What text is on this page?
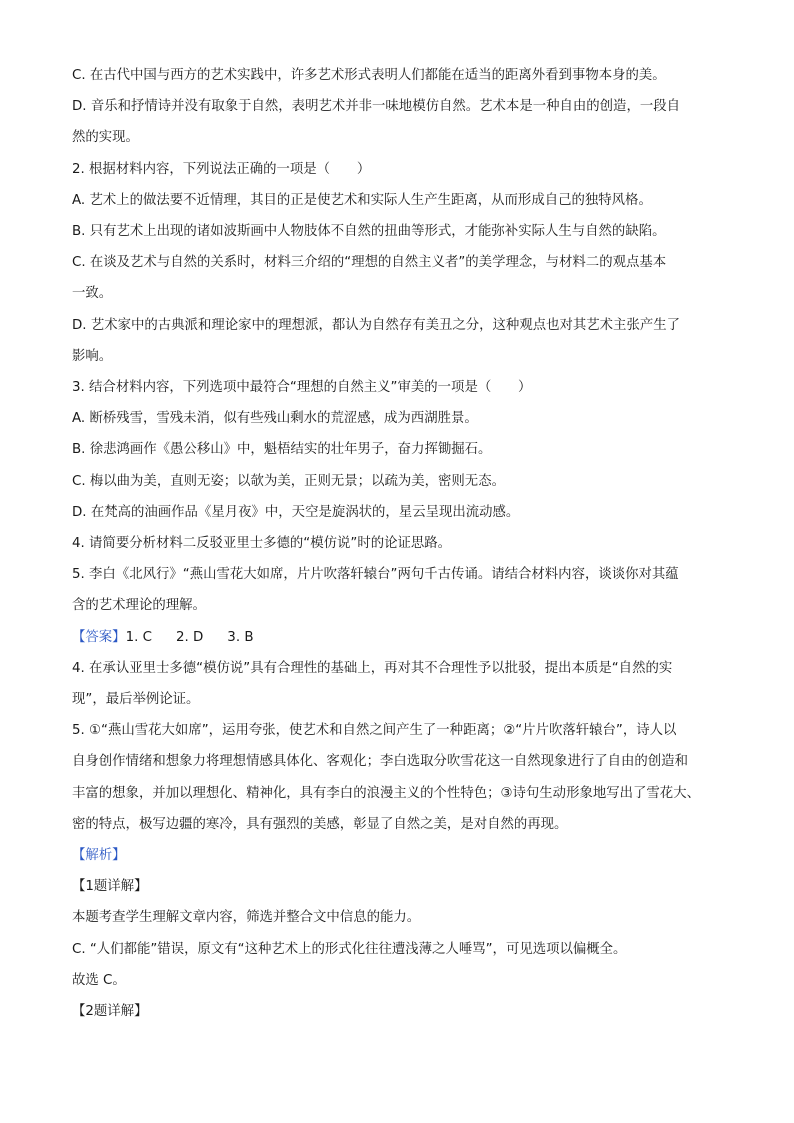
C. 在古代中国与西方的艺术实践中，许多艺术形式表明人们都能在适当的距离外看到事物本身的美。

D. 音乐和抒情诗并没有取象于自然，表明艺术并非一味地模仿自然。艺术本是一种自由的创造，一段自

然的实现。

2. 根据材料内容，下列说法正确的一项是（　　）

A. 艺术上的做法要不近情理，其目的正是使艺术和实际人生产生距离，从而形成自己的独特风格。

B. 只有艺术上出现的诸如波斯画中人物肢体不自然的扭曲等形式，才能弥补实际人生与自然的缺陷。

C. 在谈及艺术与自然的关系时，材料三介绍的“理想的自然主义者”的美学理念，与材料二的观点基本

一致。

D. 艺术家中的古典派和理论家中的理想派，都认为自然存有美丑之分，这种观点也对其艺术主张产生了

影响。

3. 结合材料内容，下列选项中最符合“理想的自然主义”审美的一项是（　　）

A. 断桥残雪，雪残未消，似有些残山剩水的荒涩感，成为西湖胜景。

B. 徐悲鸿画作《愚公移山》中，魁梧结实的壮年男子，奋力挥锄掘石。

C. 梅以曲为美，直则无姿；以欹为美，正则无景；以疏为美，密则无态。

D. 在梵高的油画作品《星月夜》中，天空是旋涡状的，星云呈现出流动感。

4. 请简要分析材料二反驳亚里士多德的“模仿说”时的论证思路。

5. 李白《北风行》“燕山雪花大如席，片片吹落轩辕台”两句千古传诵。请结合材料内容，谈谈你对其蕴

含的艺术理论的理解。

【答案】1. C 2. D 3. B

4. 在承认亚里士多德“模仿说”具有合理性的基础上，再对其不合理性予以批驳，提出本质是“自然的实

现”，最后举例论证。

5. ①“燕山雪花大如席”，运用夸张，使艺术和自然之间产生了一种距离；②“片片吹落轩辕台”，诗人以

自身创作情绪和想象力将理想情感具体化、客观化；李白选取分吹雪花这一自然现象进行了自由的创造和

丰富的想象，并加以理想化、精神化，具有李白的浪漫主义的个性特色；③诗句生动形象地写出了雪花大、

密的特点，极写边疆的寒冷，具有强烈的美感，彰显了自然之美，是对自然的再现。

【解析】

【1题详解】

本题考查学生理解文章内容，筛选并整合文中信息的能力。

C. “人们都能”错误，原文有“这种艺术上的形式化往往遭浅薄之人唾骂”，可见选项以偏概全。

故选 C。

【2题详解】
